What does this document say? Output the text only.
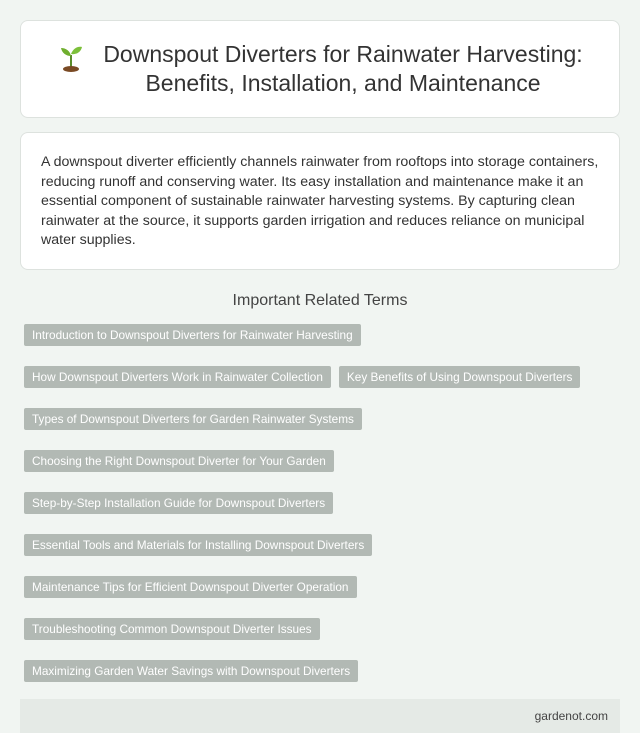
Downspout Diverters for Rainwater Harvesting:
Benefits, Installation, and Maintenance

A downspout diverter efficiently channels rainwater from rooftops into storage containers, reducing runoff and conserving water. Its easy installation and maintenance make it an essential component of sustainable rainwater harvesting systems. By capturing clean rainwater at the source, it supports garden irrigation and reduces reliance on municipal water supplies.

Important Related Terms
Introduction to Downspout Diverters for Rainwater Harvesting
How Downspout Diverters Work in Rainwater Collection	Key Benefits of Using Downspout Diverters
Types of Downspout Diverters for Garden Rainwater Systems
Choosing the Right Downspout Diverter for Your Garden
Step-by-Step Installation Guide for Downspout Diverters
Essential Tools and Materials for Installing Downspout Diverters
Maintenance Tips for Efficient Downspout Diverter Operation
Troubleshooting Common Downspout Diverter Issues
Maximizing Garden Water Savings with Downspout Diverters
gardenot.com
